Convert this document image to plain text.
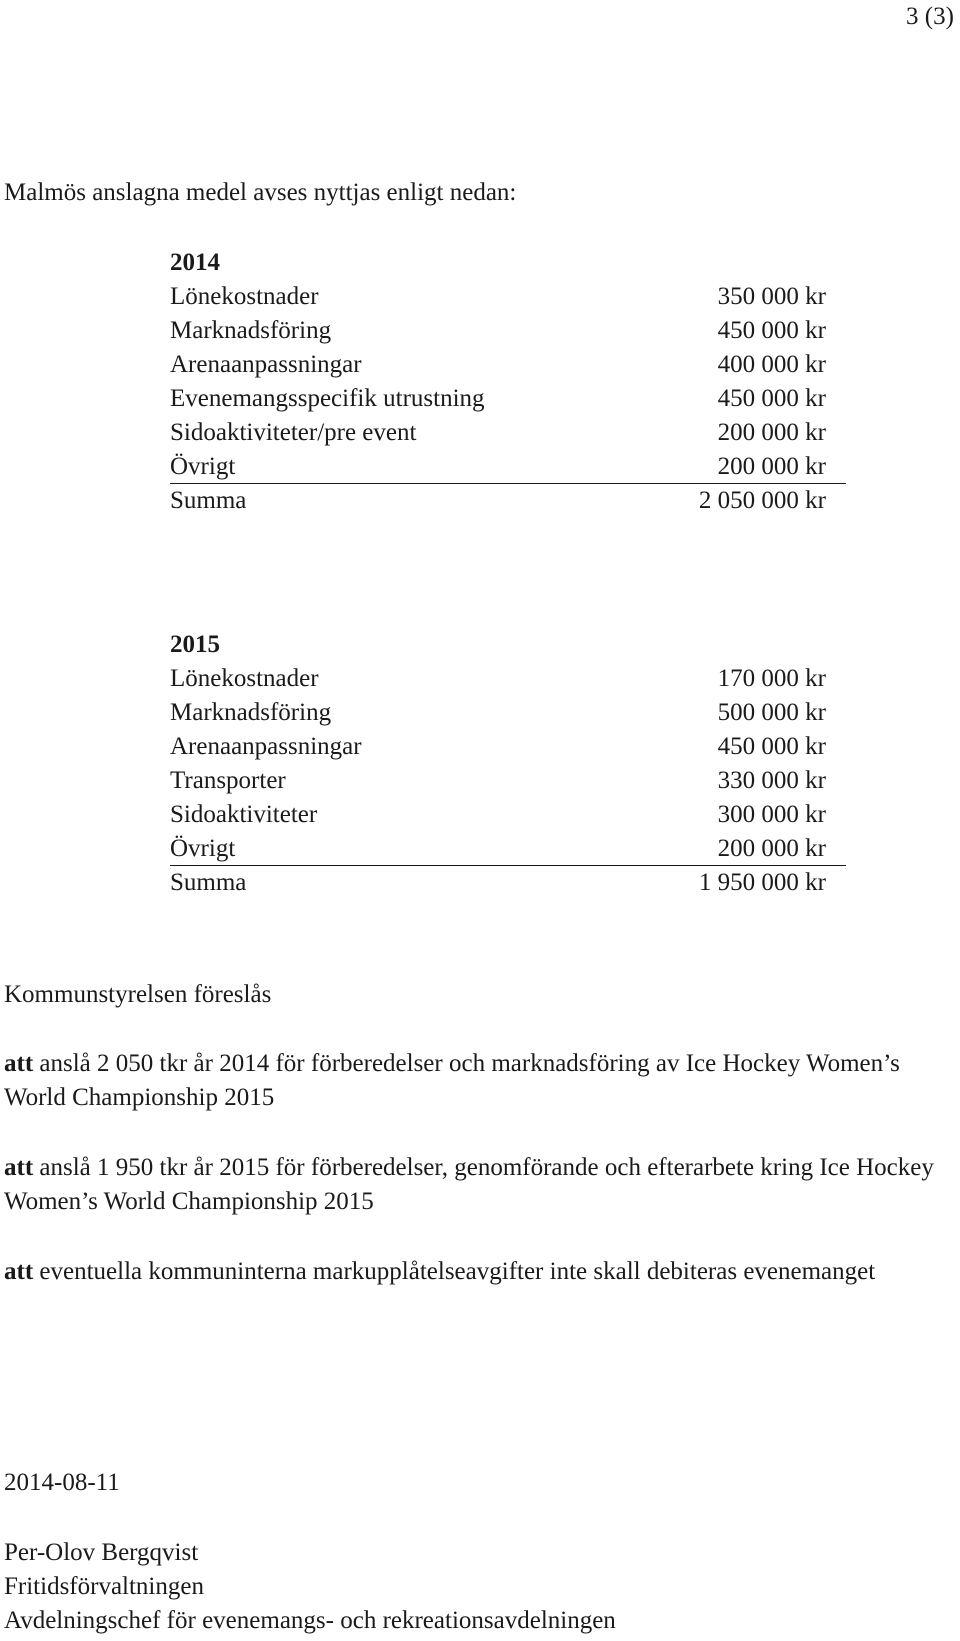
3 (3)
Malmös anslagna medel avses nyttjas enligt nedan:
2014
Lönekostnader	350 000 kr
Marknadsföring	450 000 kr
Arenaanpassningar	400 000 kr
Evenemangsspecifik utrustning	450 000 kr
Sidoaktiviteter/pre event	200 000 kr
Övrigt	200 000 kr
Summa	2 050 000 kr
2015
Lönekostnader	170 000 kr
Marknadsföring	500 000 kr
Arenaanpassningar	450 000 kr
Transporter	330 000 kr
Sidoaktiviteter	300 000 kr
Övrigt	200 000 kr
Summa	1 950 000 kr
Kommunstyrelsen föreslås
att anslå 2 050 tkr år 2014 för förberedelser och marknadsföring av Ice Hockey Women’s World Championship 2015
att anslå 1 950 tkr år 2015 för förberedelser, genomförande och efterarbete kring Ice Hockey Women’s World Championship 2015
att eventuella kommuninterna markupplåtelseavgifter inte skall debiteras evenemanget
2014-08-11
Per-Olov Bergqvist
Fritidsförvaltningen
Avdelningschef för evenemangs- och rekreationsavdelningen
